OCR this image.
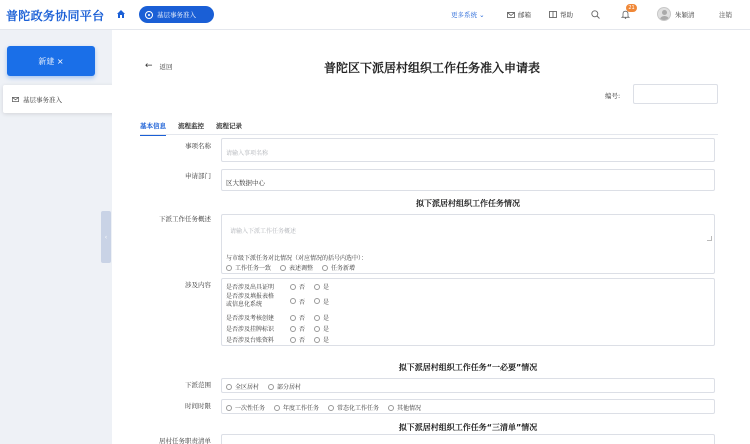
普陀政务协同平台	基层事务准入	更多系统 ⌄	邮箱	帮助
21
朱颖清	注销
新建 ×
基层事务准入
‹
← 返回	普陀区下派居村组织工作任务准入申请表
编号:
基本信息 流程监控 流程记录
事项名称
请输入事项名称
申请部门
区大数据中心
拟下派居村组织工作任务情况
下派工作任务概述
请输入下派工作任务概述
与市级下派任务对比情况（对应情况的括号内选中）：
工作任务一致	表述调整	任务新增
涉及内容	是否涉及出具证明	否	是
是否涉及填报表格
或信息化系统	否	是
是否涉及考核创建	否	是
是否涉及挂牌标识	否	是
是否涉及台账资料	否	是
拟下派居村组织工作任务“一必要”情况
下派范围	全区居村	部分居村
时间时限	一次性任务	年度工作任务	常态化工作任务	其他情况
拟下派居村组织工作任务“三清单”情况
居村任务职责清单
